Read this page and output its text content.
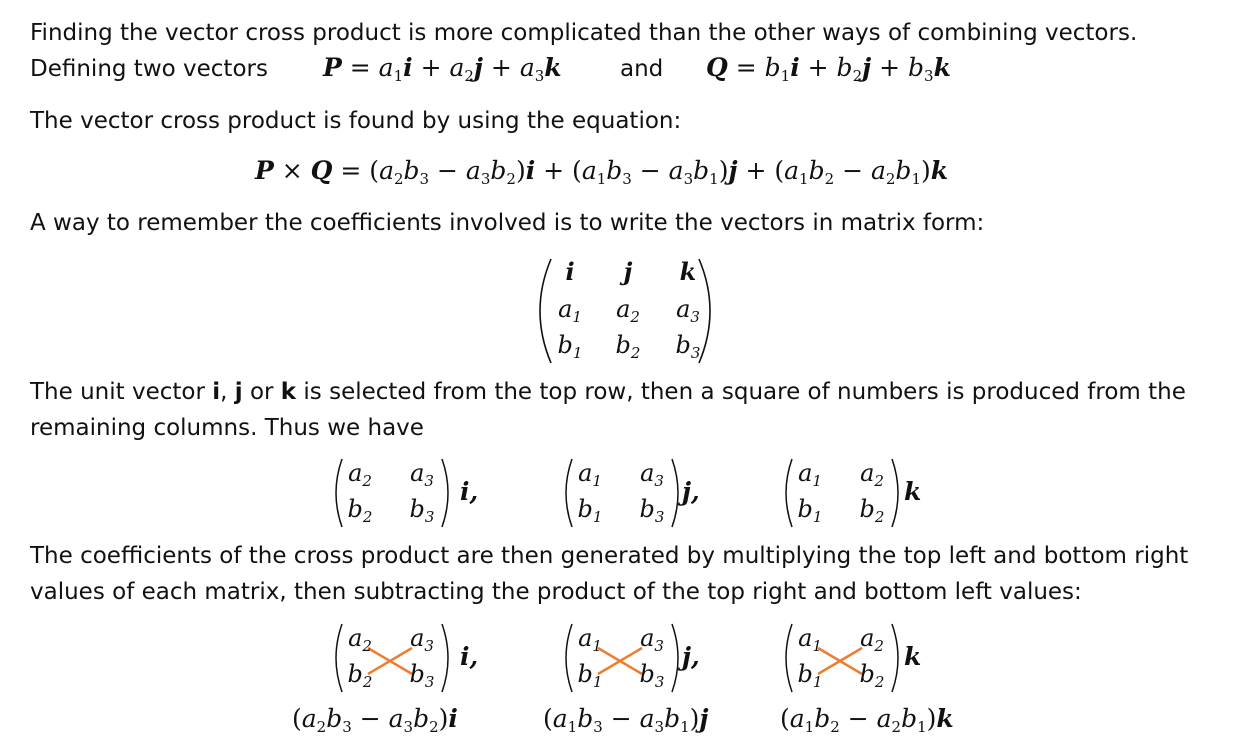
Finding the vector cross product is more complicated than the other ways of combining vectors.
Defining two vectors $P = a_1i + a_2j + a_3k$	and $Q = b_1i + b_2j + b_3k$
The vector cross product is found by using the equation:
$P \times Q = (a_2b_3 - a_3b_2)i + (a_1b_3 - a_3b_1)j + (a_1b_2 - a_2b_1)k$
A way to remember the coefficients involved is to write the vectors in matrix form:
i j k
$a_1$ $a_2$ $a_3$
$b_1$ $b_2$ $b_3$
The unit vector i, j or k is selected from the top row, then a square of numbers is produced from the
remaining columns. Thus we have
$a_2$ $a_3$
$b_2$ $b_3$
i,
$a_1$ $a_3$
$b_1$ $b_3$
j,
$a_1$ $a_2$
$b_1$ $b_2$
k
The coefficients of the cross product are then generated by multiplying the top left and bottom right
values of each matrix, then subtracting the product of the top right and bottom left values:
$a_2$ $a_3$
$b_2$ $b_3$
i,
$a_1$ $a_3$
$b_1$ $b_3$
j,
$a_1$ $a_2$
$b_1$ $b_2$
k
$(a_2b_3 - a_3b_2)i$	$(a_1b_3 - a_3b_1)j$	$(a_1b_2 - a_2b_1)k$
